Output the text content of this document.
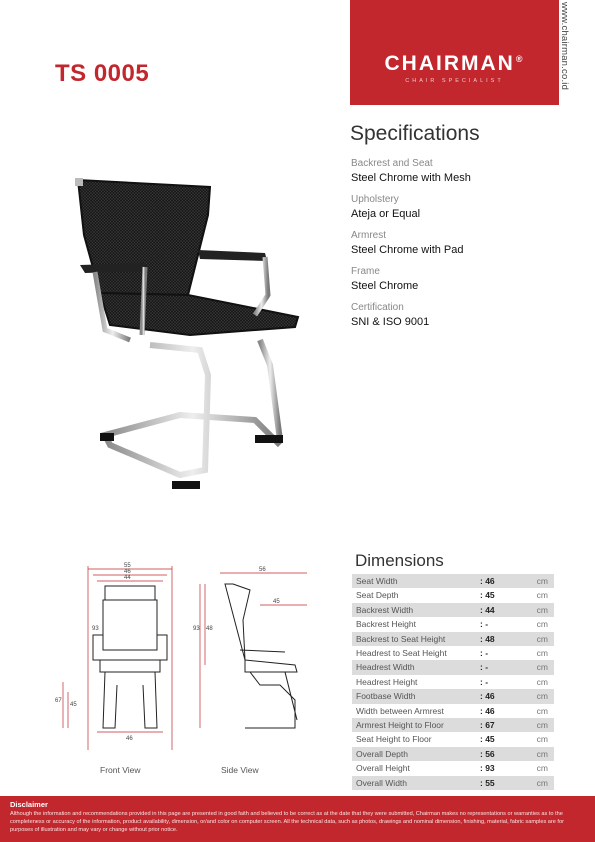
TS 0005	CHAIRMAN®
CHAIR SPECIALIST	www.chairman.co.id
Specifications
Backrest and Seat
Steel Chrome with Mesh
Upholstery
Ateja or Equal
Armrest
Steel Chrome with Pad
Frame
Steel Chrome
Certification
SNI & ISO 9001
55
46
44
46
67
45
93
56
45
93 48
Front View	Side View
Dimensions
Seat Width	: 46	cm
Seat Depth	: 45	cm
Backrest Width	: 44	cm
Backrest Height	: -	cm
Backrest to Seat Height	: 48	cm
Headrest to Seat Height	: -	cm
Headrest Width	: -	cm
Headrest Height	: -	cm
Footbase Width	: 46	cm
Width between Armrest	: 46	cm
Armrest Height to Floor	: 67	cm
Seat Height to Floor	: 45	cm
Overall Depth	: 56	cm
Overall Height	: 93	cm
Overall Width	: 55	cm
Disclaimer
Although the information and recommendations provided in this page are presented in good faith and believed to be correct as at the date that they were submitted, Chairman makes no representations or warranties as to the completeness or accuracy of the information, product availability, dimension, or/and color on computer screen. All the technical data, such as photos, drawings and nominal dimension, finishing, material, fabric samples are for purposes of illustration and may vary or change without prior notice.
